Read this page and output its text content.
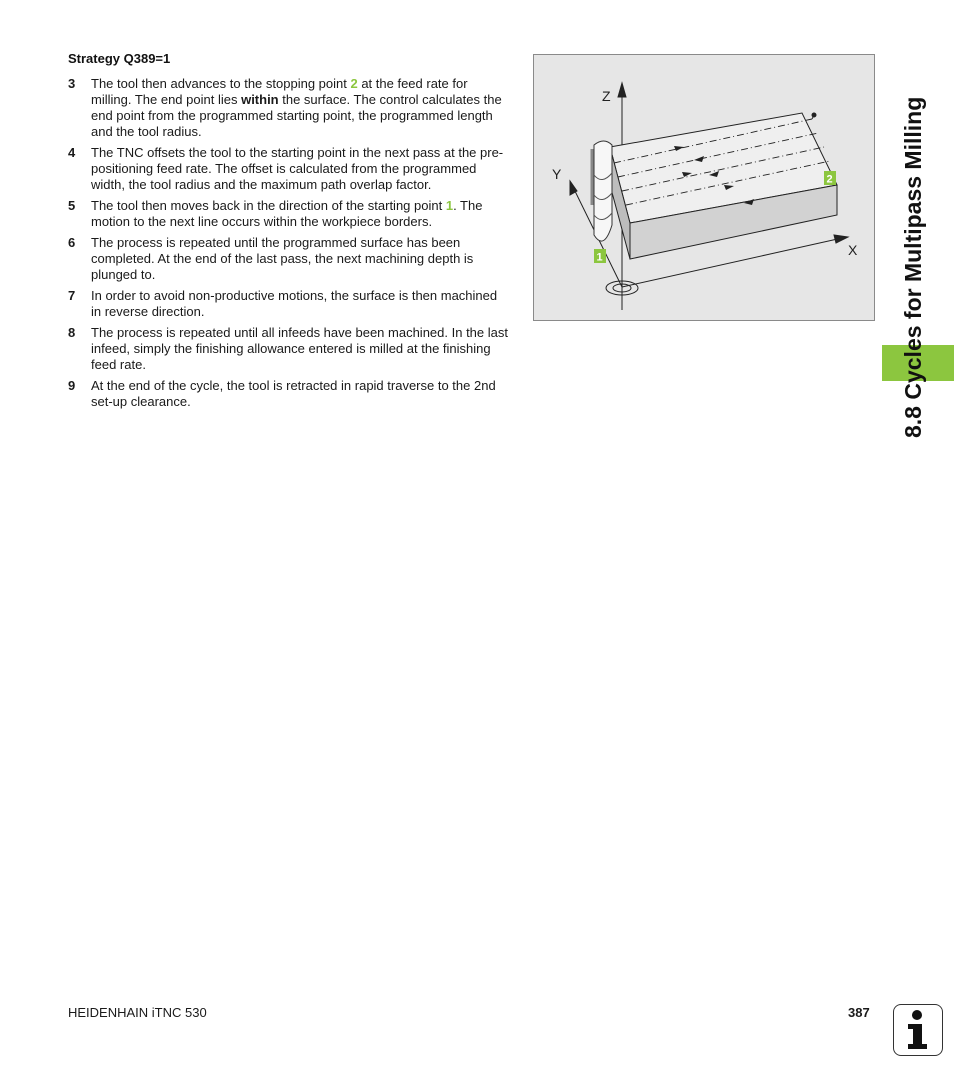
Strategy Q389=1
3 The tool then advances to the stopping point 2 at the feed rate for milling. The end point lies within the surface. The control calculates the end point from the programmed starting point, the programmed length and the tool radius.
4 The TNC offsets the tool to the starting point in the next pass at the pre-positioning feed rate. The offset is calculated from the programmed width, the tool radius and the maximum path overlap factor.
5 The tool then moves back in the direction of the starting point 1. The motion to the next line occurs within the workpiece borders.
6 The process is repeated until the programmed surface has been completed. At the end of the last pass, the next machining depth is plunged to.
7 In order to avoid non-productive motions, the surface is then machined in reverse direction.
8 The process is repeated until all infeeds have been machined. In the last infeed, simply the finishing allowance entered is milled at the finishing feed rate.
9 At the end of the cycle, the tool is retracted in rapid traverse to the 2nd set-up clearance.
Z
Y
X
1
2	8.8 Cycles for Multipass Milling
HEIDENHAIN iTNC 530	387
